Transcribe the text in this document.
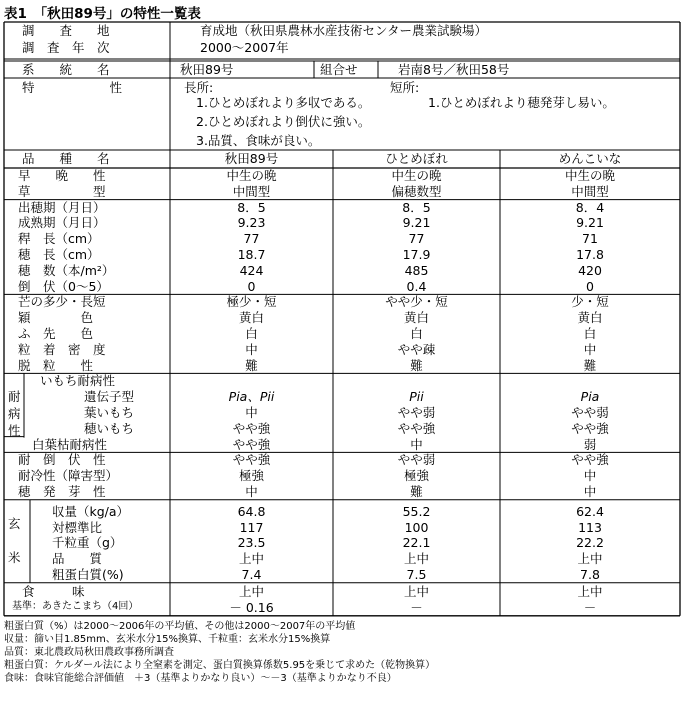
表1　「秋田89号」の特性一覧表
調　　査　　地	育成地（秋田県農林水産技術センター農業試験場）
調　査　年　次	2000～2007年
系　　統　　名	秋田89号	組合せ	岩南8号／秋田58号
特　　　　　　性	長所:	短所:
1.ひとめぼれより多収である。
2.ひとめぼれより倒伏に強い。
3.品質、食味が良い。
1.ひとめぼれより穂発芽し易い。
品　　種　　名	秋田89号	ひとめぼれ	めんこいな
早　　晩　　性	中生の晩	中生の晩	中生の晩
草　　　　　型	中間型	偏穂数型	中間型
出穂期（月日）	8．5	8．5	8．4
成熟期（月日）	9.23	9.21	9.21
稈　長（cm）	77	77	71
穂　長（cm）	18.7	17.9	17.8
穂　数（本/m²）	424	485	420
倒　伏（0～5）	0	0.4	0
芒の多少・長短	極少・短	やや少・短	少・短
穎　　　　色	黄白	黄白	黄白
ふ　先　　色	白	白	白
粒　着　密　度	中	やや疎	中
脱　粒　　性	難	難	難
いもち耐病性
遺伝子型	Pia、Pii	Pii	Pia
葉いもち	中	やや弱	やや弱
穂いもち	やや強	やや強	やや強
白葉枯耐病性	やや強	中	弱
耐
病
性
耐　倒　伏　性	やや強	やや弱	やや強
耐冷性（障害型）	極強	極強	中
穂　発　芽　性	中	難	中
収量（kg/a）	64.8	55.2	62.4
対標準比	117	100	113
千粒重（g）	23.5	22.1	22.2
品　　質	上中	上中	上中
粗蛋白質(%)	7.4	7.5	7.8
玄
米
食　　　味	上中	上中	上中
基準：あきたこまち（4回）	－ 0.16	－	－
粗蛋白質（%）は2000～2006年の平均値、その他は2000～2007年の平均値
収量：篩い目1.85mm、玄米水分15%換算、千粒重：玄米水分15%換算
品質：東北農政局秋田農政事務所調査
粗蛋白質：ケルダール法により全窒素を測定、蛋白質換算係数5.95を乗じて求めた（乾物換算）
食味：食味官能総合評価値　＋3（基準よりかなり良い）～－3（基準よりかなり不良）
